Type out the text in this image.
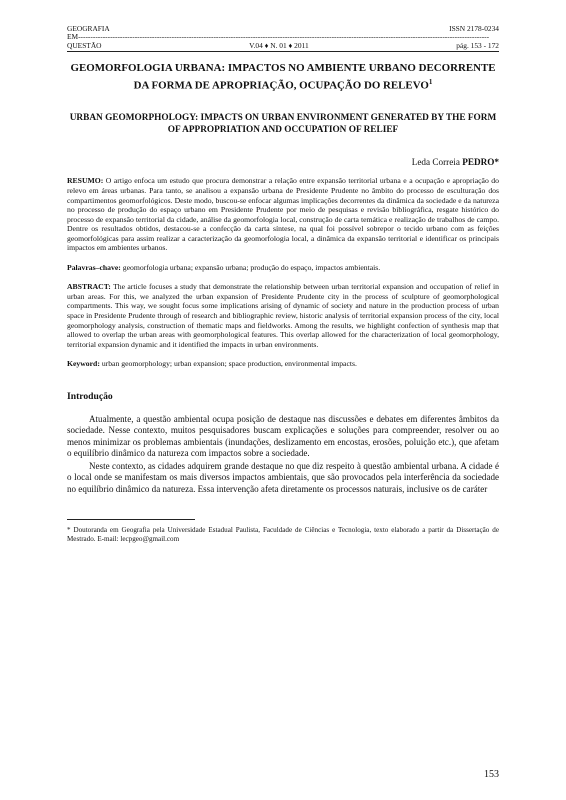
GEOGRAFIA	ISSN 2178-0234
EM-----------------------------------------------------------------------------------------------------------------------------------------------------------------------
QUESTÃO	V.04 ♦ N. 01 ♦ 2011	pág. 153 - 172
GEOMORFOLOGIA URBANA: IMPACTOS NO AMBIENTE URBANO DECORRENTE DA FORMA DE APROPRIAÇÃO, OCUPAÇÃO DO RELEVO$^1$
URBAN GEOMORPHOLOGY: IMPACTS ON URBAN ENVIRONMENT GENERATED BY THE FORM OF APPROPRIATION AND OCCUPATION OF RELIEF
Leda Correia PEDRO*
RESUMO: O artigo enfoca um estudo que procura demonstrar a relação entre expansão territorial urbana e a ocupação e apropriação do relevo em áreas urbanas. Para tanto, se analisou a expansão urbana de Presidente Prudente no âmbito do processo de esculturação dos compartimentos geomorfológicos. Deste modo, buscou-se enfocar algumas implicações decorrentes da dinâmica da sociedade e da natureza no processo de produção do espaço urbano em Presidente Prudente por meio de pesquisas e revisão bibliográfica, resgate histórico do processo de expansão territorial da cidade, análise da geomorfologia local, construção de carta temática e realização de trabalhos de campo. Dentre os resultados obtidos, destacou-se a confecção da carta síntese, na qual foi possível sobrepor o tecido urbano com as feições geomorfológicas para assim realizar a caracterização da geomorfologia local, a dinâmica da expansão territorial e identificar os principais impactos em ambientes urbanos.
Palavras–chave: geomorfologia urbana; expansão urbana; produção do espaço, impactos ambientais.
ABSTRACT: The article focuses a study that demonstrate the relationship between urban territorial expansion and occupation of relief in urban areas. For this, we analyzed the urban expansion of Presidente Prudente city in the process of sculpture of geomorphological compartments. This way, we sought focus some implications arising of dynamic of society and nature in the production process of urban space in Presidente Prudente through of research and bibliographic review, historic analysis of territorial expansion process of the city, local geomorphology analysis, construction of thematic maps and fieldworks. Among the results, we highlight confection of synthesis map that allowed to overlap the urban areas with geomorphological features. This overlap allowed for the characterization of local geomorphology, territorial expansion dynamic and it identified the impacts in urban environments.
Keyword: urban geomorphology; urban expansion; space production, environmental impacts.
Introdução
Atualmente, a questão ambiental ocupa posição de destaque nas discussões e debates em diferentes âmbitos da sociedade. Nesse contexto, muitos pesquisadores buscam explicações e soluções para compreender, resolver ou ao menos minimizar os problemas ambientais (inundações, deslizamento em encostas, erosões, poluição etc.), que afetam o equilíbrio dinâmico da natureza com impactos sobre a sociedade.
Neste contexto, as cidades adquirem grande destaque no que diz respeito à questão ambiental urbana. A cidade é o local onde se manifestam os mais diversos impactos ambientais, que são provocados pela interferência da sociedade no equilíbrio dinâmico da natureza. Essa intervenção afeta diretamente os processos naturais, inclusive os de caráter
* Doutoranda em Geografia pela Universidade Estadual Paulista, Faculdade de Ciências e Tecnologia, texto elaborado a partir da Dissertação de Mestrado. E-mail: lecpgeo@gmail.com
153
